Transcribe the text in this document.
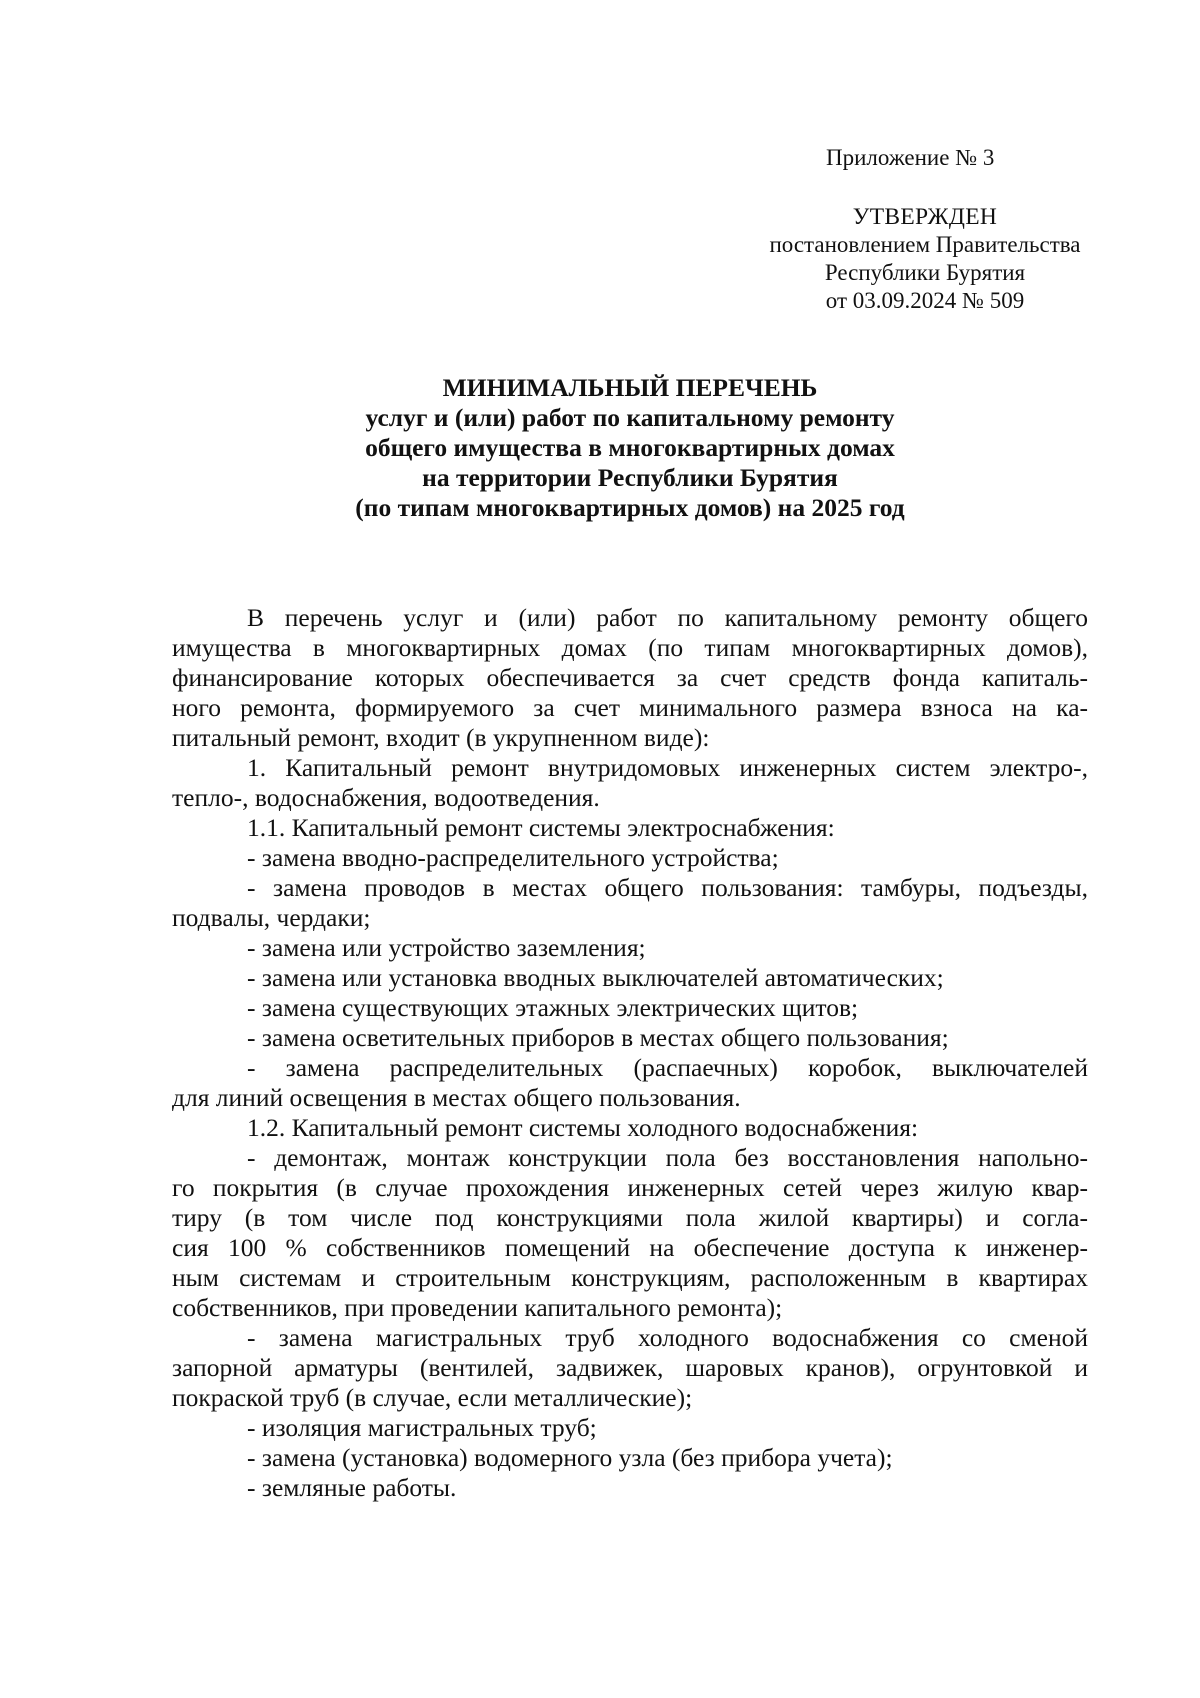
Приложение № 3
УТВЕРЖДЕН
постановлением Правительства
Республики Бурятия
от 03.09.2024 № 509
МИНИМАЛЬНЫЙ ПЕРЕЧЕНЬ
услуг и (или) работ по капитальному ремонту
общего имущества в многоквартирных домах
на территории Республики Бурятия
(по типам многоквартирных домов) на 2025 год
В перечень услуг и (или) работ по капитальному ремонту общего
имущества в многоквартирных домах (по типам многоквартирных домов),
финансирование которых обеспечивается за счет средств фонда капиталь-
ного ремонта, формируемого за счет минимального размера взноса на ка-
питальный ремонт, входит (в укрупненном виде):
1. Капитальный ремонт внутридомовых инженерных систем электро-,
тепло-, водоснабжения, водоотведения.
1.1. Капитальный ремонт системы электроснабжения:
- замена вводно-распределительного устройства;
- замена проводов в местах общего пользования: тамбуры, подъезды,
подвалы, чердаки;
- замена или устройство заземления;
- замена или установка вводных выключателей автоматических;
- замена существующих этажных электрических щитов;
- замена осветительных приборов в местах общего пользования;
- замена распределительных (распаечных) коробок, выключателей
для линий освещения в местах общего пользования.
1.2. Капитальный ремонт системы холодного водоснабжения:
- демонтаж, монтаж конструкции пола без восстановления напольно-
го покрытия (в случае прохождения инженерных сетей через жилую квар-
тиру (в том числе под конструкциями пола жилой квартиры) и согла-
сия 100 % собственников помещений на обеспечение доступа к инженер-
ным системам и строительным конструкциям, расположенным в квартирах
собственников, при проведении капитального ремонта);
- замена магистральных труб холодного водоснабжения со сменой
запорной арматуры (вентилей, задвижек, шаровых кранов), огрунтовкой и
покраской труб (в случае, если металлические);
- изоляция магистральных труб;
- замена (установка) водомерного узла (без прибора учета);
- земляные работы.
